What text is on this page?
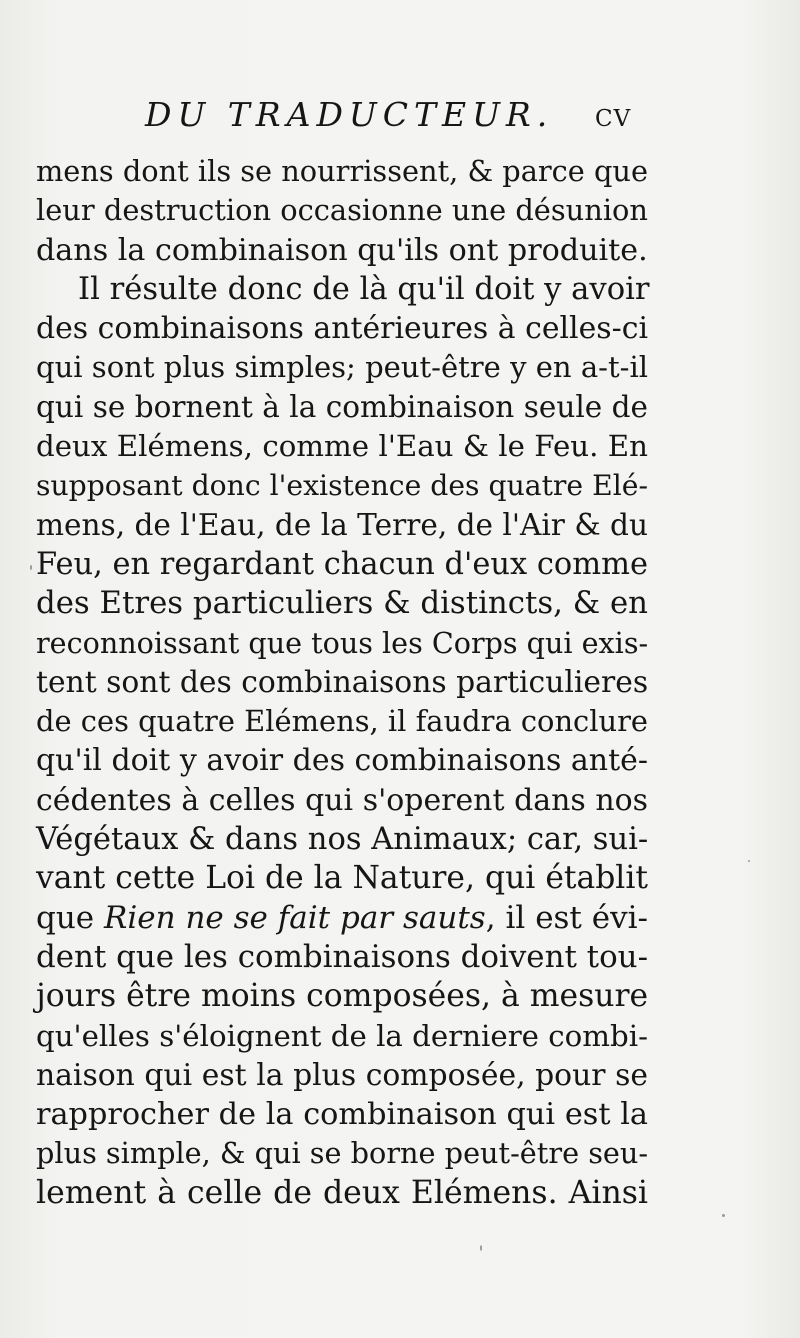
DU TRADUCTEUR. cv
mens dont ils se nourrissent, & parce que
leur destruction occasionne une désunion
dans la combinaison qu'ils ont produite.
Il résulte donc de là qu'il doit y avoir
des combinaisons antérieures à celles-ci
qui sont plus simples; peut-être y en a-t-il
qui se bornent à la combinaison seule de
deux Elémens, comme l'Eau & le Feu. En
supposant donc l'existence des quatre Elé-
mens, de l'Eau, de la Terre, de l'Air & du
Feu, en regardant chacun d'eux comme
des Etres particuliers & distincts, & en
reconnoissant que tous les Corps qui exis-
tent sont des combinaisons particulieres
de ces quatre Elémens, il faudra conclure
qu'il doit y avoir des combinaisons anté-
cédentes à celles qui s'operent dans nos
Végétaux & dans nos Animaux; car, sui-
vant cette Loi de la Nature, qui établit
que Rien ne se fait par sauts, il est évi-
dent que les combinaisons doivent tou-
jours être moins composées, à mesure
qu'elles s'éloignent de la derniere combi-
naison qui est la plus composée, pour se
rapprocher de la combinaison qui est la
plus simple, & qui se borne peut-être seu-
lement à celle de deux Elémens. Ainsi
